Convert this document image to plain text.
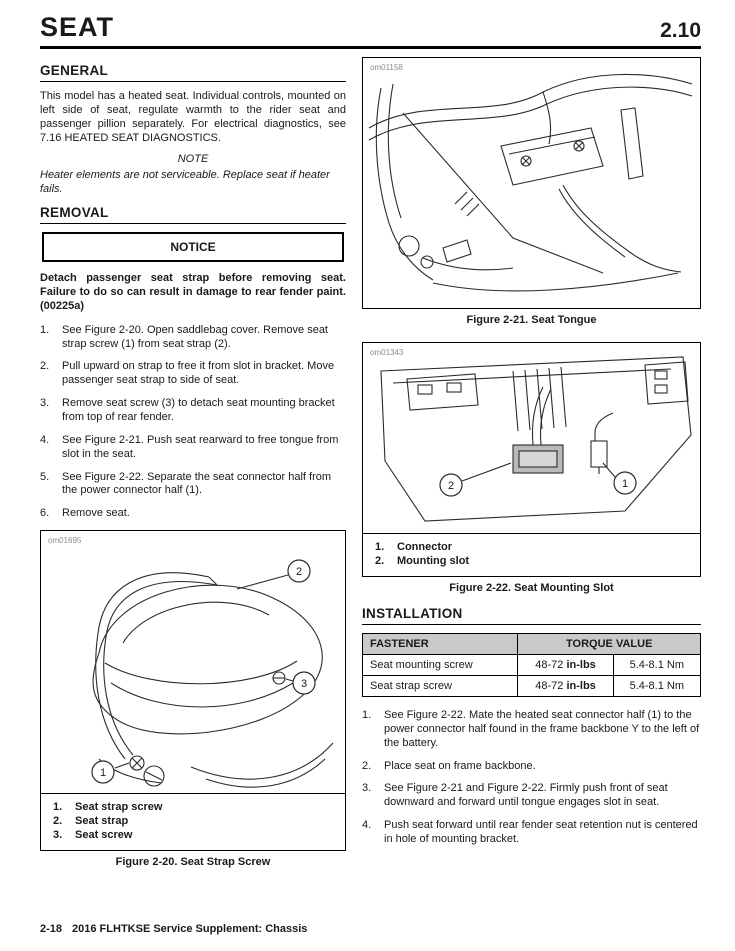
SEAT	2.10
GENERAL

This model has a heated seat. Individual controls, mounted on left side of seat, regulate warmth to the rider seat and passenger pillion separately. For electrical diagnostics, see 7.16 HEATED SEAT DIAGNOSTICS.

NOTE

Heater elements are not serviceable. Replace seat if heater fails.

REMOVAL
NOTICE

Detach passenger seat strap before removing seat. Failure to do so can result in damage to rear fender paint. (00225a)

1.	See Figure 2-20. Open saddlebag cover. Remove seat strap screw (1) from seat strap (2).
2.	Pull upward on strap to free it from slot in bracket. Move passenger seat strap to side of seat.
3.	Remove seat screw (3) to detach seat mounting bracket from top of rear fender.
4.	See Figure 2-21. Push seat rearward to free tongue from slot in the seat.
5.	See Figure 2-22. Separate the seat connector half from the power connector half (1).
6.	Remove seat.
om01695
2
3
1
1.	Seat strap screw
2.	Seat strap
3.	Seat screw
Figure 2-20. Seat Strap Screw
om01158
Figure 2-21. Seat Tongue
om01343
2	1
1.	Connector
2.	Mounting slot
Figure 2-22. Seat Mounting Slot
INSTALLATION
FASTENER	TORQUE VALUE	
Seat mounting screw	48-72 in-lbs	5.4-8.1 Nm
Seat strap screw	48-72 in-lbs	5.4-8.1 Nm
1.	See Figure 2-22. Mate the heated seat connector half (1) to the power connector half found in the frame backbone Y to the left of the battery.
2.	Place seat on frame backbone.
3.	See Figure 2-21 and Figure 2-22. Firmly push front of seat downward and forward until tongue engages slot in seat.
4.	Push seat forward until rear fender seat retention nut is centered in hole of mounting bracket.
2-18 2016 FLHTKSE Service Supplement: Chassis
